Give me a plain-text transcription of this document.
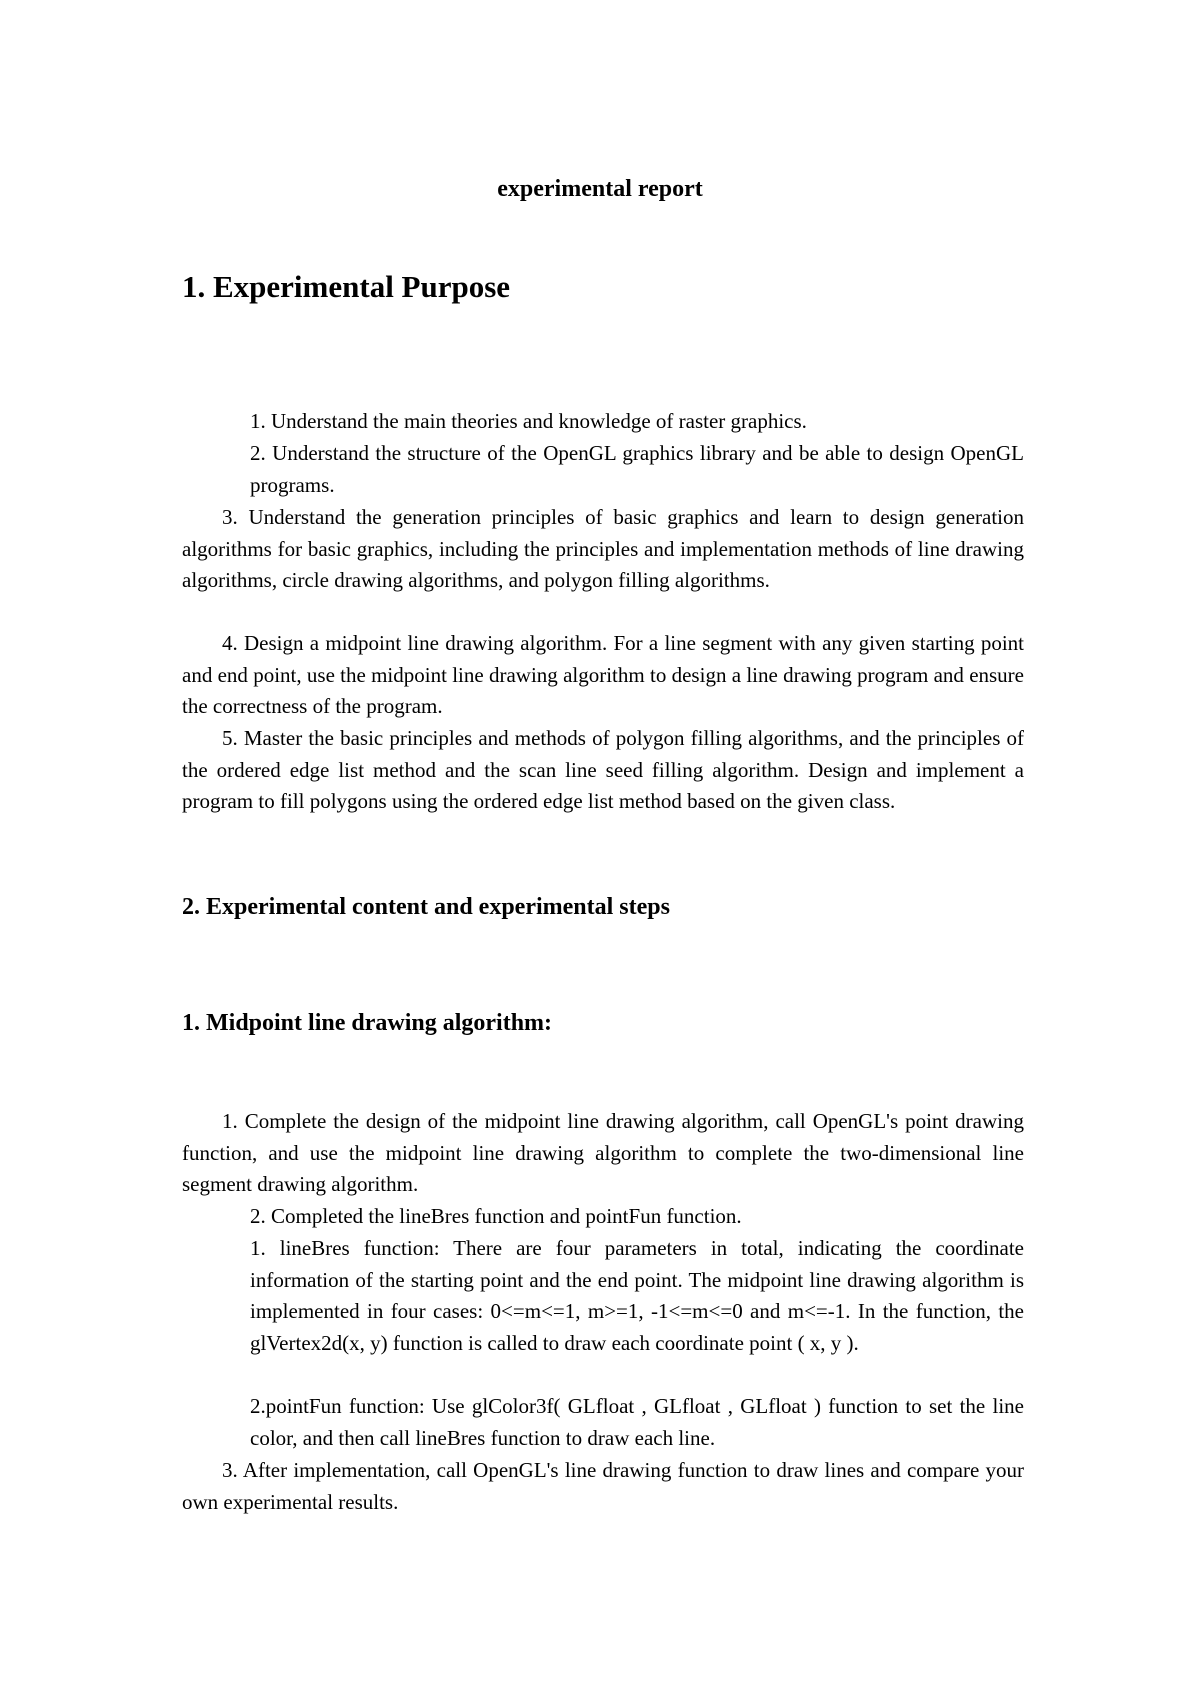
experimental report
1. Experimental Purpose
1. Understand the main theories and knowledge of raster graphics.
2. Understand the structure of the OpenGL graphics library and be able to design OpenGL programs.
3. Understand the generation principles of basic graphics and learn to design generation algorithms for basic graphics, including the principles and implementation methods of line drawing algorithms, circle drawing algorithms, and polygon filling algorithms.
4. Design a midpoint line drawing algorithm. For a line segment with any given starting point and end point, use the midpoint line drawing algorithm to design a line drawing program and ensure the correctness of the program.
5. Master the basic principles and methods of polygon filling algorithms, and the principles of the ordered edge list method and the scan line seed filling algorithm. Design and implement a program to fill polygons using the ordered edge list method based on the given class.
2. Experimental content and experimental steps
1. Midpoint line drawing algorithm:
1. Complete the design of the midpoint line drawing algorithm, call OpenGL's point drawing function, and use the midpoint line drawing algorithm to complete the two-dimensional line segment drawing algorithm.
2. Completed the lineBres function and pointFun function.
1. lineBres function: There are four parameters in total, indicating the coordinate information of the starting point and the end point. The midpoint line drawing algorithm is implemented in four cases: 0<=m<=1, m>=1, -1<=m<=0 and m<=-1. In the function, the glVertex2d(x, y) function is called to draw each coordinate point ( x, y ).
2.pointFun function: Use glColor3f( GLfloat , GLfloat , GLfloat ) function to set the line color, and then call lineBres function to draw each line.
3. After implementation, call OpenGL's line drawing function to draw lines and compare your own experimental results.
